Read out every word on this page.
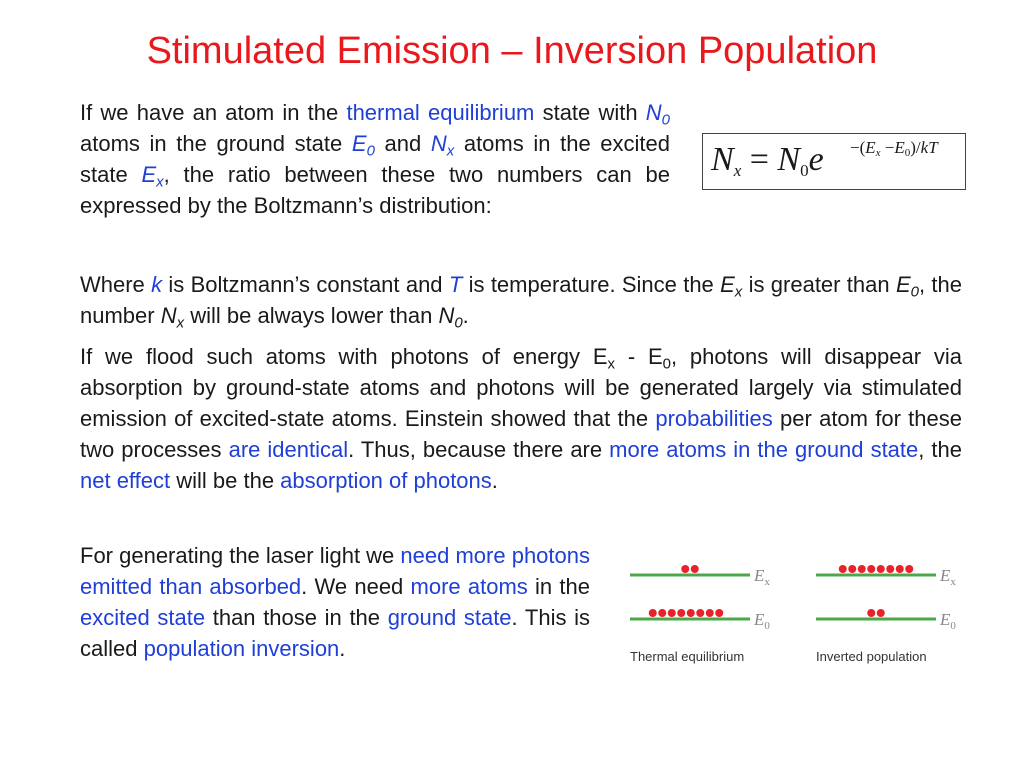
Stimulated Emission – Inversion Population

If we have an atom in the thermal equilibrium state with $N_0$ atoms in the ground state $E_0$ and $N_x$ atoms in the excited state $E_x$, the ratio between these two numbers can be expressed by the Boltzmann’s distribution:

$N_x = N_0e -(E_x -E_0)/kT$

Where k is Boltzmann’s constant and T is temperature. Since the $E_x$ is greater than $E_0$, the number $N_x$ will be always lower than $N_0$.

If we flood such atoms with photons of energy $E_x - E_0$, photons will disappear via absorption by ground-state atoms and photons will be generated largely via stimulated emission of excited-state atoms. Einstein showed that the probabilities per atom for these two processes are identical. Thus, because there are more atoms in the ground state, the net effect will be the absorption of photons.

For generating the laser light we need more photons emitted than absorbed. We need more atoms in the excited state than those in the ground state. This is called population inversion.

$E_x$
$E_0$
Thermal equilibrium
$E_x$
$E_0$
Inverted population
